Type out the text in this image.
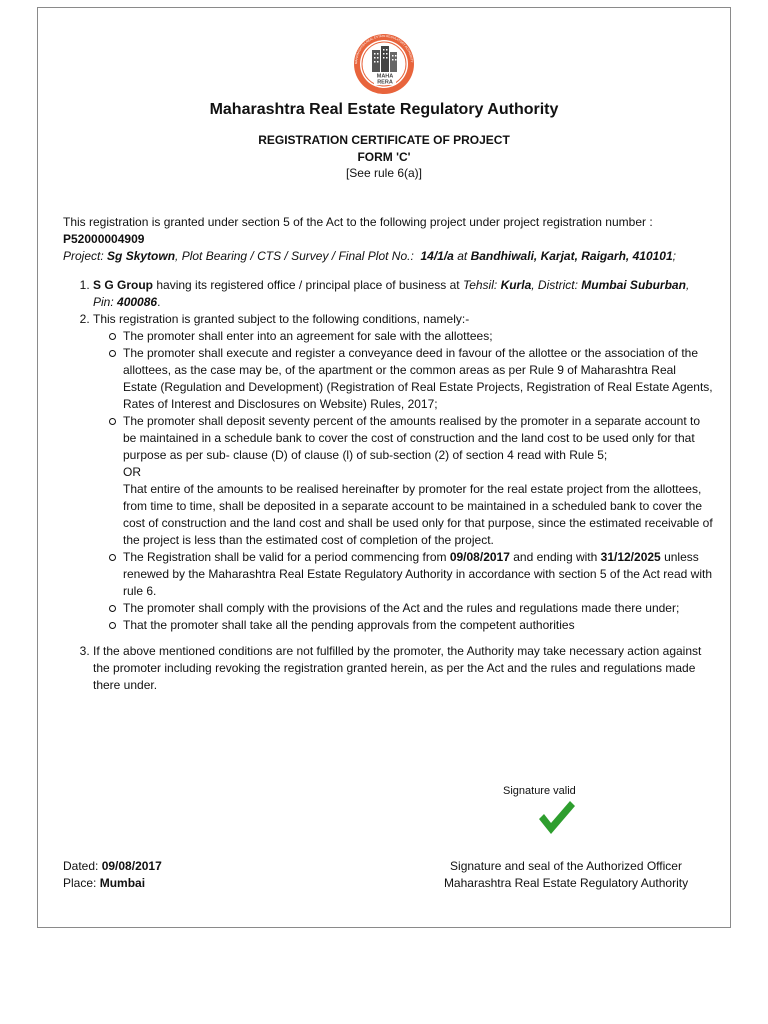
MAHA
RERA
MAHARASHTRA REAL ESTATE REGULATORY AUTHORITY
Maharashtra Real Estate Regulatory Authority
REGISTRATION CERTIFICATE OF PROJECT
FORM 'C'
[See rule 6(a)]

This registration is granted under section 5 of the Act to the following project under project registration number :
P52000004909
Project: Sg Skytown, Plot Bearing / CTS / Survey / Final Plot No.: 14/1/a at Bandhiwali, Karjat, Raigarh, 410101;

1. S G Group having its registered office / principal place of business at Tehsil: Kurla, District: Mumbai Suburban, Pin: 400086.
2. This registration is granted subject to the following conditions, namely:-
The promoter shall enter into an agreement for sale with the allottees;
The promoter shall execute and register a conveyance deed in favour of the allottee or the association of the allottees, as the case may be, of the apartment or the common areas as per Rule 9 of Maharashtra Real Estate (Regulation and Development) (Registration of Real Estate Projects, Registration of Real Estate Agents, Rates of Interest and Disclosures on Website) Rules, 2017;
The promoter shall deposit seventy percent of the amounts realised by the promoter in a separate account to be maintained in a schedule bank to cover the cost of construction and the land cost to be used only for that purpose as per sub- clause (D) of clause (l) of sub-section (2) of section 4 read with Rule 5;
OR
That entire of the amounts to be realised hereinafter by promoter for the real estate project from the allottees, from time to time, shall be deposited in a separate account to be maintained in a scheduled bank to cover the cost of construction and the land cost and shall be used only for that purpose, since the estimated receivable of the project is less than the estimated cost of completion of the project.
The Registration shall be valid for a period commencing from 09/08/2017 and ending with 31/12/2025 unless renewed by the Maharashtra Real Estate Regulatory Authority in accordance with section 5 of the Act read with rule 6.
The promoter shall comply with the provisions of the Act and the rules and regulations made there under;
That the promoter shall take all the pending approvals from the competent authorities
3. If the above mentioned conditions are not fulfilled by the promoter, the Authority may take necessary action against the promoter including revoking the registration granted herein, as per the Act and the rules and regulations made there under.
Signature valid
Dated: 09/08/2017
Place: Mumbai
Signature and seal of the Authorized Officer
Maharashtra Real Estate Regulatory Authority
